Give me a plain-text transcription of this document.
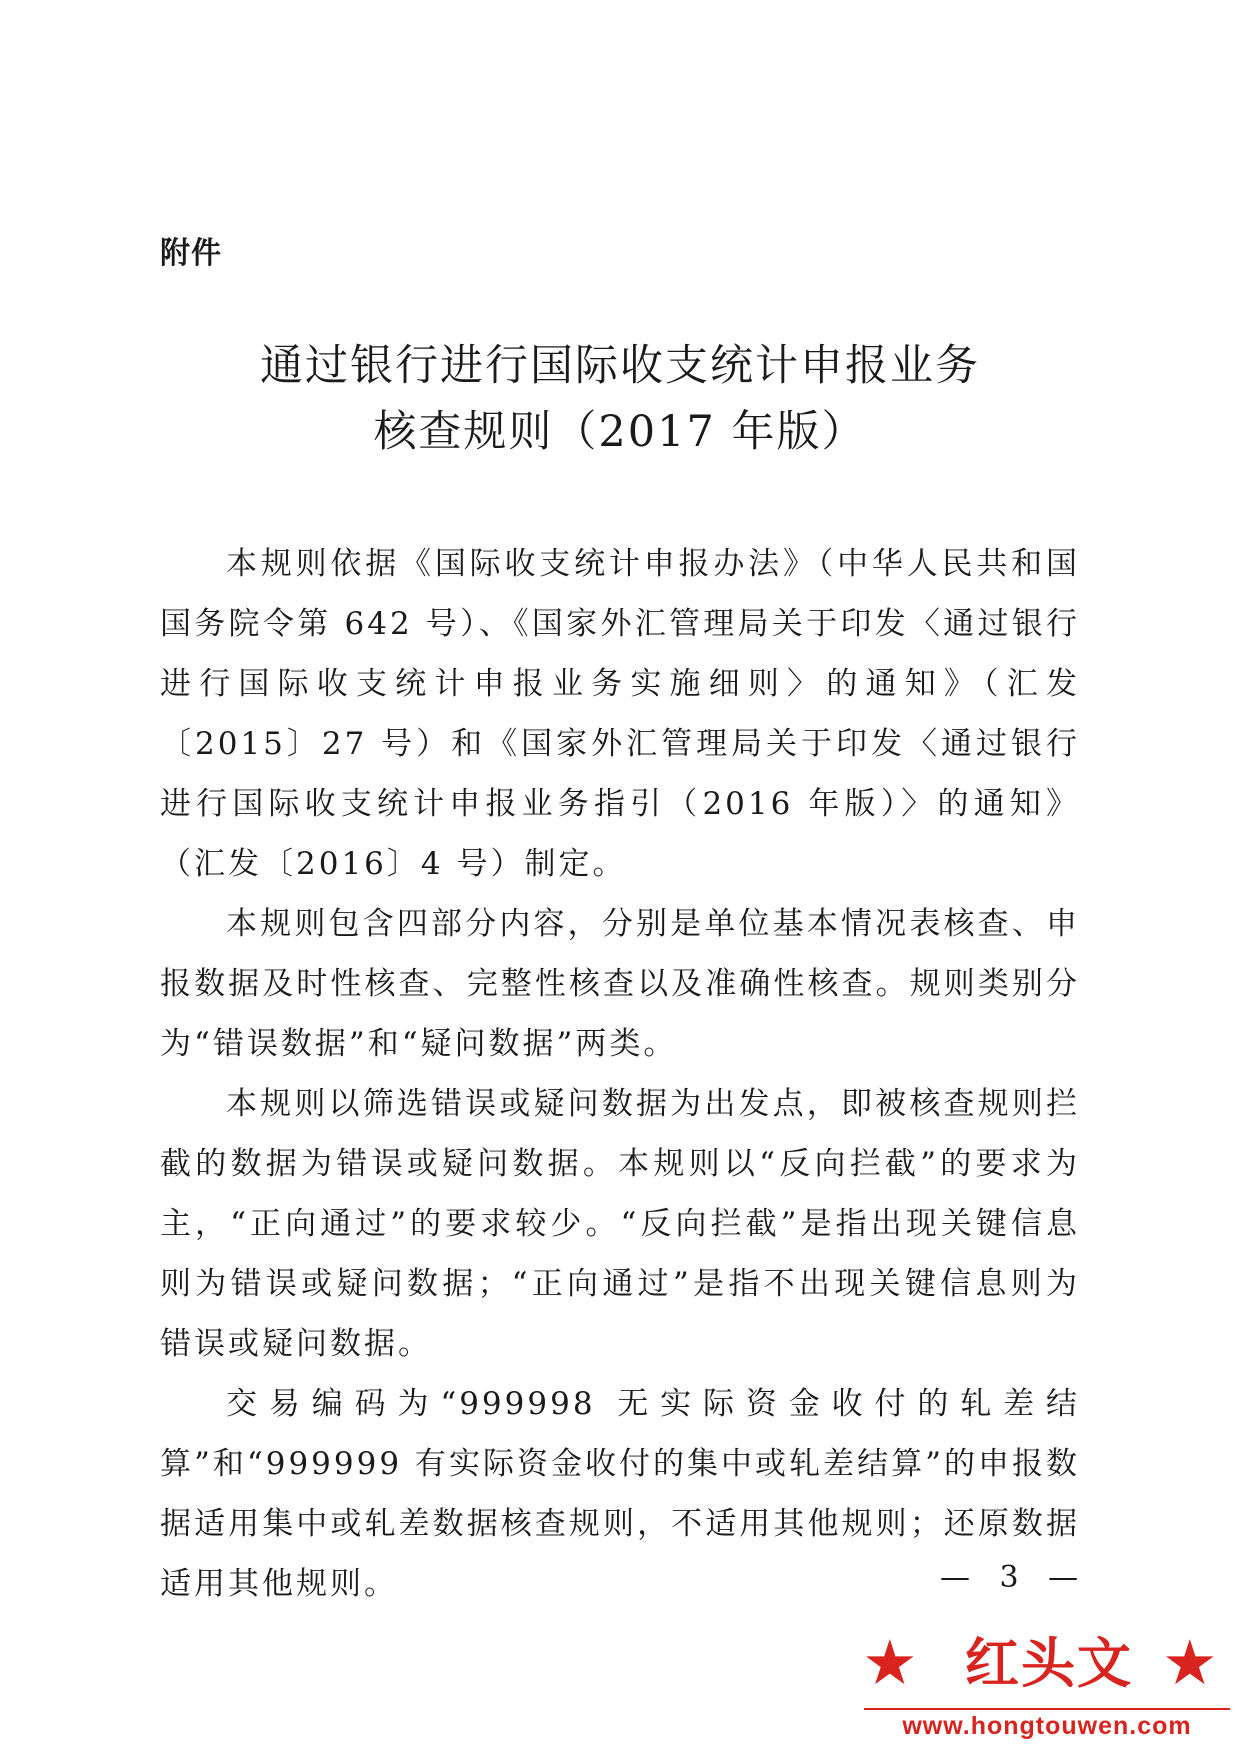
附件
通过银行进行国际收支统计申报业务
核查规则（2017 年版）

本规则依据《国际收支统计申报办法》（中华人民共和国国务院令第 642 号）、《国家外汇管理局关于印发〈通过银行进行国际收支统计申报业务实施细则〉的通知》（汇发〔2015〕27 号）和《国家外汇管理局关于印发〈通过银行进行国际收支统计申报业务指引（2016 年版）〉的通知》（汇发〔2016〕4 号）制定。

本规则包含四部分内容，分别是单位基本情况表核查、申报数据及时性核查、完整性核查以及准确性核查。规则类别分为“错误数据”和“疑问数据”两类。

本规则以筛选错误或疑问数据为出发点，即被核查规则拦截的数据为错误或疑问数据。本规则以“反向拦截”的要求为主，“正向通过”的要求较少。“反向拦截”是指出现关键信息则为错误或疑问数据；“正向通过”是指不出现关键信息则为错误或疑问数据。

交易编码为“999998 无实际资金收付的轧差结算”和“999999 有实际资金收付的集中或轧差结算”的申报数据适用集中或轧差数据核查规则，不适用其他规则；还原数据适用其他规则。	— 3 —
★ 红头文 ★
www.hongtouwen.com
